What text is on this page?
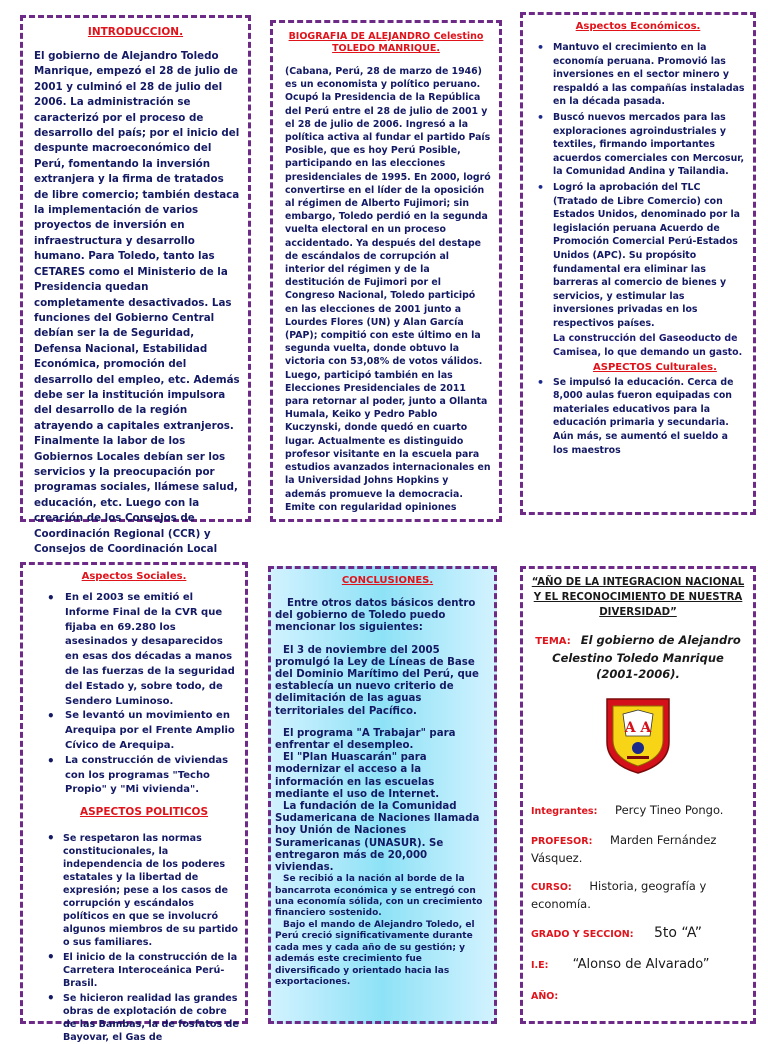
INTRODUCCION.

El gobierno de Alejandro Toledo Manrique, empezó el 28 de julio de 2001 y culminó el 28 de julio del 2006. La administración se caracterizó por el proceso de desarrollo del país; por el inicio del despunte macroeconómico del Perú, fomentando la inversión extranjera y la firma de tratados de libre comercio; también destaca la implementación de varios proyectos de inversión en infraestructura y desarrollo humano. Para Toledo, tanto las CETARES como el Ministerio de la Presidencia quedan completamente desactivados. Las funciones del Gobierno Central debían ser la de Seguridad, Defensa Nacional, Estabilidad Económica, promoción del desarrollo del empleo, etc. Además debe ser la institución impulsora del desarrollo de la región atrayendo a capitales extranjeros. Finalmente la labor de los Gobiernos Locales debían ser los servicios y la preocupación por programas sociales, llámese salud, educación, etc. Luego con la creación de los Consejos de Coordinación Regional (CCR) y Consejos de Coordinación Local

BIOGRAFIA DE ALEJANDRO Celestino TOLEDO MANRIQUE.

(Cabana, Perú, 28 de marzo de 1946) es un economista y político peruano. Ocupó la Presidencia de la República del Perú entre el 28 de julio de 2001 y el 28 de julio de 2006. Ingresó a la política activa al fundar el partido País Posible, que es hoy Perú Posible, participando en las elecciones presidenciales de 1995. En 2000, logró convertirse en el líder de la oposición al régimen de Alberto Fujimori; sin embargo, Toledo perdió en la segunda vuelta electoral en un proceso accidentado. Ya después del destape de escándalos de corrupción al interior del régimen y de la destitución de Fujimori por el Congreso Nacional, Toledo participó en las elecciones de 2001 junto a Lourdes Flores (UN) y Alan García (PAP); compitió con este último en la segunda vuelta, donde obtuvo la victoria con 53,08% de votos válidos. Luego, participó también en las Elecciones Presidenciales de 2011 para retornar al poder, junto a Ollanta Humala, Keiko y Pedro Pablo Kuczynski, donde quedó en cuarto lugar. Actualmente es distinguido profesor visitante en la escuela para estudios avanzados internacionales en la Universidad Johns Hopkins y además promueve la democracia. Emite con regularidad opiniones

Aspectos Económicos.
• Mantuvo el crecimiento en la economía peruana. Promovió las inversiones en el sector minero y respaldó a las compañías instaladas en la década pasada.
• Buscó nuevos mercados para las exploraciones agroindustriales y textiles, firmando importantes acuerdos comerciales con Mercosur, la Comunidad Andina y Tailandia.
• Logró la aprobación del TLC (Tratado de Libre Comercio) con Estados Unidos, denominado por la legislación peruana Acuerdo de Promoción Comercial Perú-Estados Unidos (APC). Su propósito fundamental era eliminar las barreras al comercio de bienes y servicios, y estimular las inversiones privadas en los respectivos países.

La construcción del Gaseoducto de Camisea, lo que demando un gasto.

ASPECTOS Culturales.
• Se impulsó la educación. Cerca de 8,000 aulas fueron equipadas con materiales educativos para la educación primaria y secundaria. Aún más, se aumentó el sueldo a los maestros
Aspectos Sociales.
• En el 2003 se emitió el Informe Final de la CVR que fijaba en 69.280 los asesinados y desaparecidos en esas dos décadas a manos de las fuerzas de la seguridad del Estado y, sobre todo, de Sendero Luminoso.
• Se levantó un movimiento en Arequipa por el Frente Amplio Cívico de Arequipa.
• La construcción de viviendas con los programas "Techo Propio" y "Mi vivienda".
ASPECTOS POLITICOS
• Se respetaron las normas constitucionales, la independencia de los poderes estatales y la libertad de expresión; pese a los casos de corrupción y escándalos políticos en que se involucró algunos miembros de su partido o sus familiares.
• El inicio de la construcción de la Carretera Interoceánica Perú-Brasil.
• Se hicieron realidad las grandes obras de explotación de cobre de las Bambas, la de fosfatos de Bayovar, el Gas de
CONCLUSIONES.

Entre otros datos básicos dentro del gobierno de Toledo puedo mencionar los siguientes:

El 3 de noviembre del 2005 promulgó la Ley de Líneas de Base del Dominio Marítimo del Perú, que establecía un nuevo criterio de delimitación de las aguas territoriales del Pacífico.

El programa "A Trabajar" para enfrentar el desempleo.

El "Plan Huascarán" para modernizar el acceso a la información en las escuelas mediante el uso de Internet.

La fundación de la Comunidad Sudamericana de Naciones llamada hoy Unión de Naciones Suramericanas (UNASUR). Se entregaron más de 20,000 viviendas.

Se recibió a la nación al borde de la bancarrota económica y se entregó con una economía sólida, con un crecimiento financiero sostenido.

Bajo el mando de Alejandro Toledo, el Perú creció significativamente durante cada mes y cada año de su gestión; y además este crecimiento fue diversificado y orientado hacia las exportaciones.

“AÑO DE LA INTEGRACION NACIONAL Y EL RECONOCIMIENTO DE NUESTRA DIVERSIDAD”
TEMA: El gobierno de Alejandro Celestino Toledo Manrique (2001-2006).
A A
Integrantes: Percy Tineo Pongo.
PROFESOR: Marden Fernández Vásquez.
CURSO: Historia, geografía y economía.
GRADO Y SECCION: 5to “A”
I.E: “Alonso de Alvarado”
AÑO:
